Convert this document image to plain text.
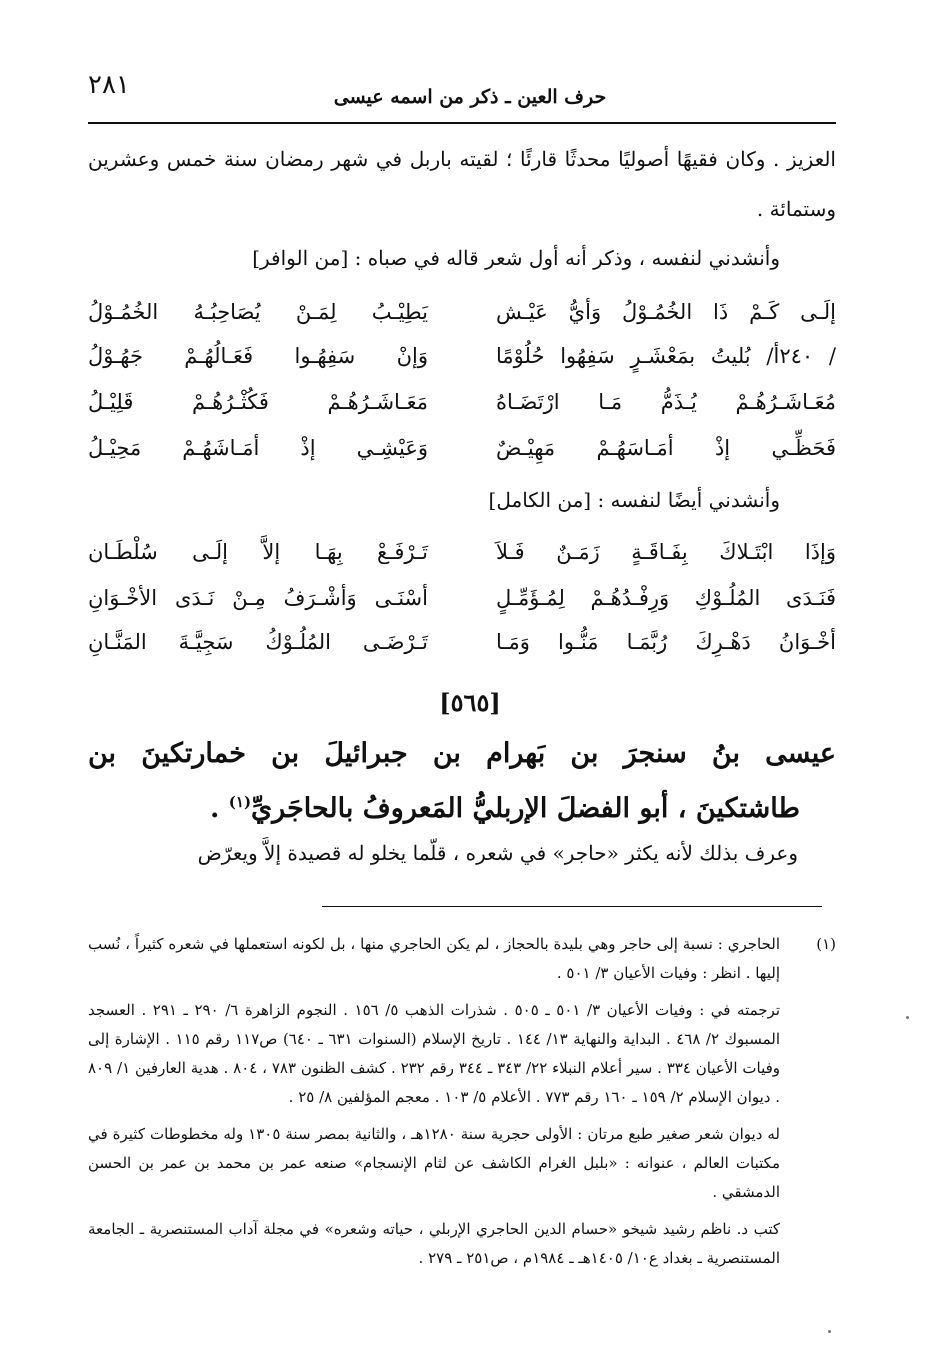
٢٨١	حرف العين ـ ذكر من اسمه عيسى
العزيز . وكان فقيهًا أصوليًا محدثًا قارئًا ؛ لقيته باربل في شهر رمضان سنة خمس وعشرين وستمائة .
وأنشدني لنفسه ، وذكر أنه أول شعر قاله في صباه : [من الوافر]
إلَـى كَـمْ ذَا الخُمُـوْلُ وَأيُّ عَيْـش
يَطِيْـبُ لِمَـنْ يُصَاحِبُـهُ الخُمُـوْلُ
/ ٢٤٠أ/ بُليتُ بمَعْشَـرٍ سَفِهُوا حُلُوْمًا
وَإنْ سَفِهُـوا فَعَـالُهُـمْ جَهُـوْلُ
مُعَـاشَـرُهُـمْ يُـذَمُّ مَـا ارْتَضَـاهُ
مَعَـاشَـرُهُـمْ فَكُثْـرُهُـمْ قَلِيْـلُ
فَحَظِّـي إذْ أمَـاسَهُـمْ مَهِيْـضٌ
وَعَيْشِـي إذْ أمَـاشَهُـمْ مَحِيْـلُ
وأنشدني أيضًا لنفسه : [من الكامل]
وَإذَا ابْتَـلاكَ بِفَـاقَـةٍ زَمَـنٌ فَـلاَ
تَـرْفَـعْ بِهَـا إلاَّ إلَـى سُلْطَـان
فَنَـدَى المُلُـوْكِ وَرِفْـدُهُـمْ لِمُـؤَمِّـلٍ
أسْنَـى وَأشْـرَفُ مِـنْ نَـدَى الأخْـوَانِ
أخْـوَانُ دَهْـرِكَ رُبَّمَـا مَنُّـوا وَمَـا
تَـرْضَـى المُلُـوْكُ سَجِيَّـةَ المَنَّـانِ
[٥٦٥]
عيسى بنُ سنجرَ بن بَهرام بن جبرائيلَ بن خمارتكينَ بن
طاشتكينَ ، أبو الفضلَ الإربليُّ المَعروفُ بالحاجَريِّ$^{(١)}$ .
وعرف بذلك لأنه يكثر «حاجر» في شعره ، قلّما يخلو له قصيدة إلاَّ ويعرّض
(١)
الحاجري : نسبة إلى حاجر وهي بليدة بالحجاز ، لم يكن الحاجري منها ، بل لكونه استعملها في شعره كثيراً ، نُسب إليها . انظر : وفيات الأعيان ٣/ ٥٠١ .

ترجمته في : وفيات الأعيان ٣/ ٥٠١ ـ ٥٠٥ . شذرات الذهب ٥/ ١٥٦ . النجوم الزاهرة ٦/ ٢٩٠ ـ ٢٩١ . العسجد المسبوك ٢/ ٤٦٨ . البداية والنهاية ١٣/ ١٤٤ . تاريخ الإسلام (السنوات ٦٣١ ـ ٦٤٠) ص١١٧ رقم ١١٥ . الإشارة إلى وفيات الأعيان ٣٣٤ . سير أعلام النبلاء ٢٢/ ٣٤٣ ـ ٣٤٤ رقم ٢٣٢ . كشف الظنون ٧٨٣ ، ٨٠٤ . هدية العارفين ١/ ٨٠٩ . ديوان الإسلام ٢/ ١٥٩ ـ ١٦٠ رقم ٧٧٣ . الأعلام ٥/ ١٠٣ . معجم المؤلفين ٨/ ٢٥ .

له ديوان شعر صغير طبع مرتان : الأولى حجرية سنة ١٢٨٠هـ ، والثانية بمصر سنة ١٣٠٥ وله مخطوطات كثيرة في مكتبات العالم ، عنوانه : «بلبل الغرام الكاشف عن لثام الإنسجام» صنعه عمر بن محمد بن عمر بن الحسن الدمشقي .

كتب د. ناظم رشيد شيخو «حسام الدين الحاجري الإربلي ، حياته وشعره» في مجلة آداب المستنصرية ـ الجامعة المستنصرية ـ بغداد ع١٠/ ١٤٠٥هـ ـ ١٩٨٤م ، ص٢٥١ ـ ٢٧٩ .
